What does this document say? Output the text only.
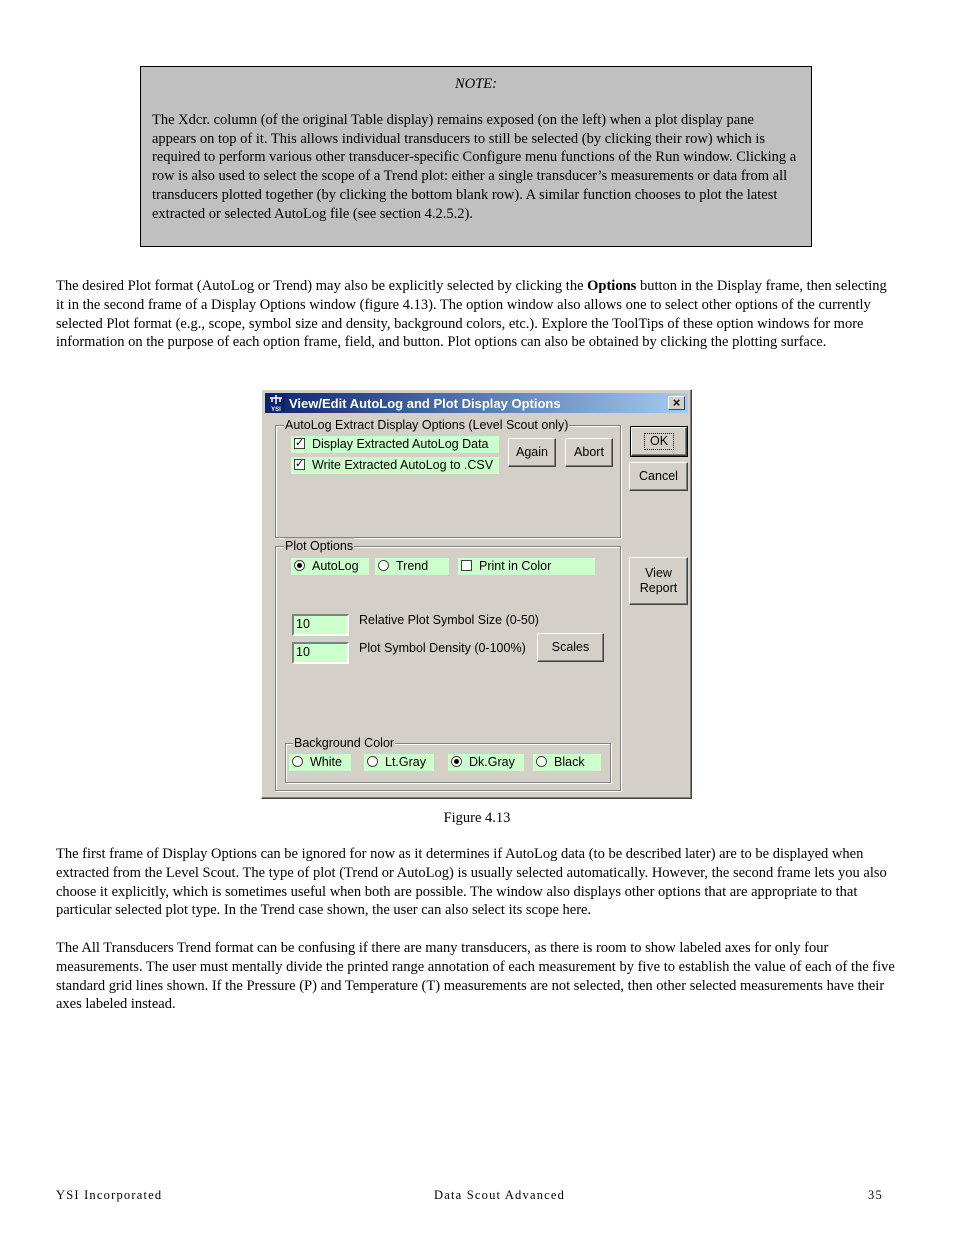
NOTE:
The Xdcr. column (of the original Table display) remains exposed (on the left) when a plot display pane appears on top of it. This allows individual transducers to still be selected (by clicking their row) which is required to perform various other transducer-specific Configure menu functions of the Run window. Clicking a row is also used to select the scope of a Trend plot: either a single transducer’s measurements or data from all transducers plotted together (by clicking the bottom blank row). A similar function chooses to plot the latest extracted or selected AutoLog file (see section 4.2.5.2).
The desired Plot format (AutoLog or Trend) may also be explicitly selected by clicking the Options button in the Display frame, then selecting it in the second frame of a Display Options window (figure 4.13). The option window also allows one to select other options of the currently selected Plot format (e.g., scope, symbol size and density, background colors, etc.). Explore the ToolTips of these option windows for more information on the purpose of each option frame, field, and button. Plot options can also be obtained by clicking the plotting surface.
YSI View/Edit AutoLog and Plot Display Options	×
AutoLog Extract Display Options (Level Scout only)
✓ Display Extracted AutoLog Data
✓ Write Extracted AutoLog to .CSV
Again	Abort
OK
Cancel
View
Report
Plot Options
AutoLog	Trend	Print in Color
10	Relative Plot Symbol Size (0-50)
10	Plot Symbol Density (0-100%)	Scales
Background Color
White	Lt.Gray	Dk.Gray	Black
Figure 4.13
The first frame of Display Options can be ignored for now as it determines if AutoLog data (to be described later) are to be displayed when extracted from the Level Scout. The type of plot (Trend or AutoLog) is usually selected automatically. However, the second frame lets you also choose it explicitly, which is sometimes useful when both are possible. The window also displays other options that are appropriate to that particular selected plot type. In the Trend case shown, the user can also select its scope here.
The All Transducers Trend format can be confusing if there are many transducers, as there is room to show labeled axes for only four measurements. The user must mentally divide the printed range annotation of each measurement by five to establish the value of each of the five standard grid lines shown. If the Pressure (P) and Temperature (T) measurements are not selected, then other selected measurements have their axes labeled instead.
YSI Incorporated	Data Scout Advanced	35
